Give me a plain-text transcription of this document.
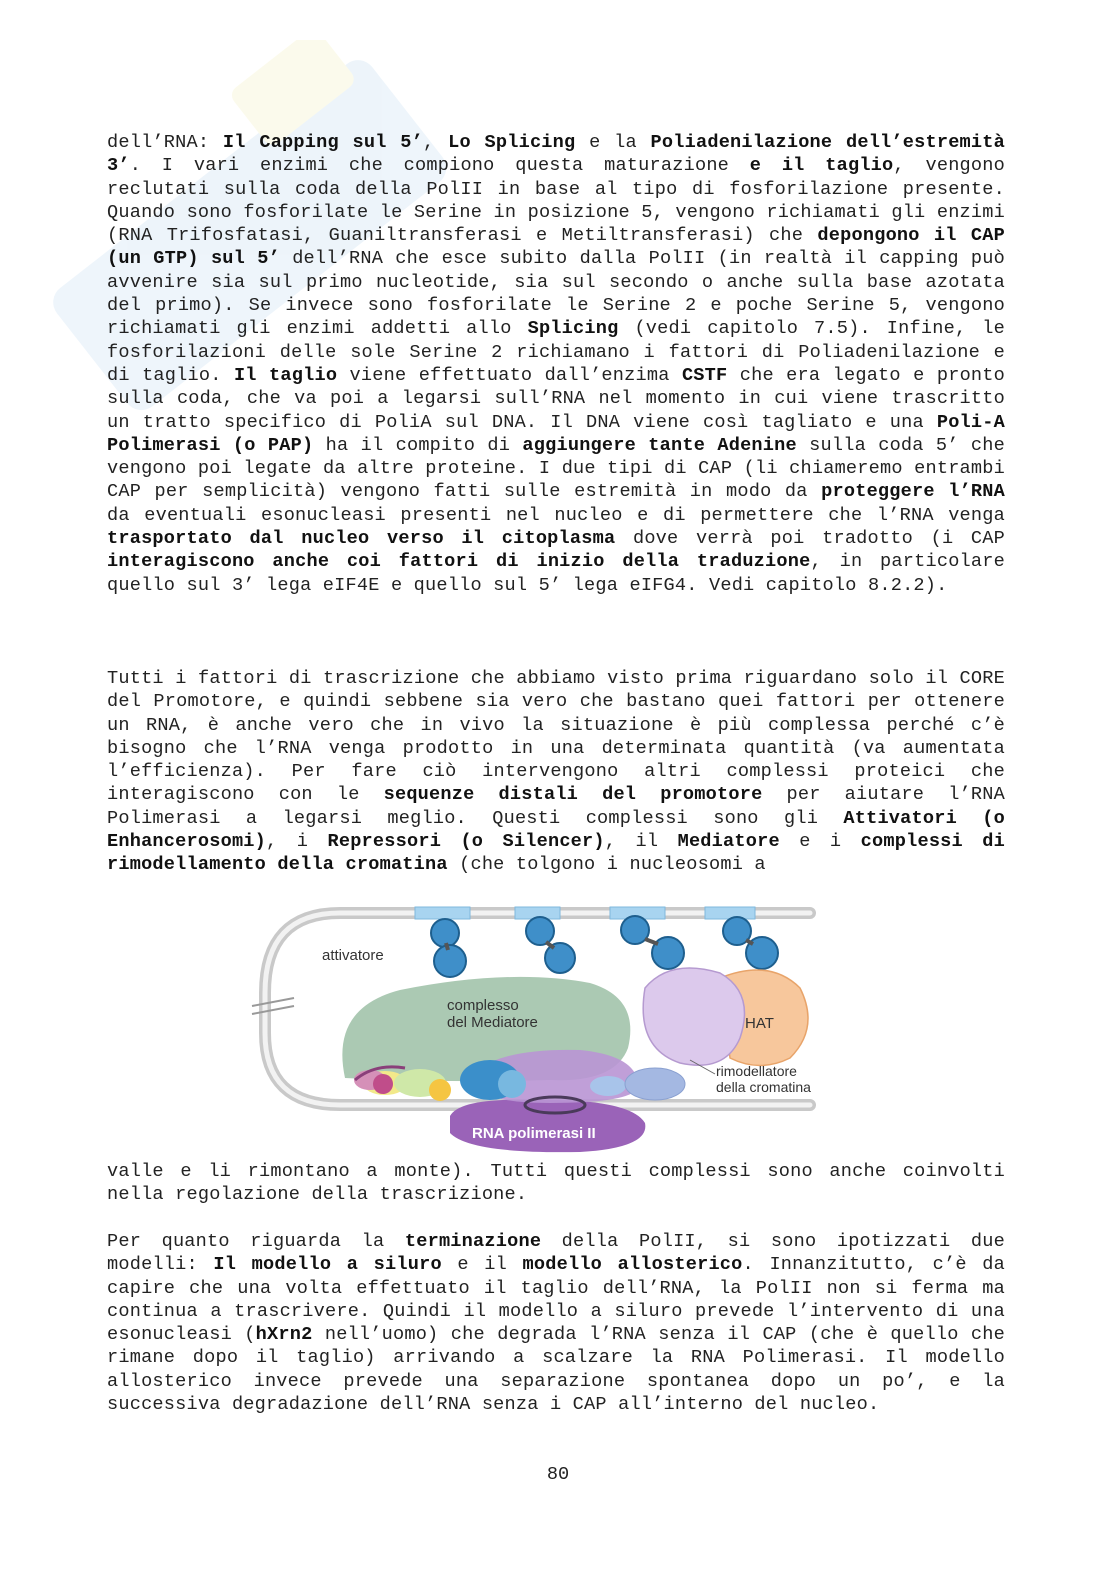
dell’RNA: Il Capping sul 5’, Lo Splicing e la Poliadenilazione dell’estremità 3’. I vari enzimi che compiono questa maturazione e il taglio, vengono reclutati sulla coda della PolII in base al tipo di fosforilazione presente. Quando sono fosforilate le Serine in posizione 5, vengono richiamati gli enzimi (RNA Trifosfatasi, Guaniltransferasi e Metiltransferasi) che depongono il CAP (un GTP) sul 5’ dell’RNA che esce subito dalla PolII (in realtà il capping può avvenire sia sul primo nucleotide, sia sul secondo o anche sulla base azotata del primo). Se invece sono fosforilate le Serine 2 e poche Serine 5, vengono richiamati gli enzimi addetti allo Splicing (vedi capitolo 7.5). Infine, le fosforilazioni delle sole Serine 2 richiamano i fattori di Poliadenilazione e di taglio. Il taglio viene effettuato dall’enzima CSTF che era legato e pronto sulla coda, che va poi a legarsi sull’RNA nel momento in cui viene trascritto un tratto specifico di PoliA sul DNA. Il DNA viene così tagliato e una Poli-A Polimerasi (o PAP) ha il compito di aggiungere tante Adenine sulla coda 5’ che vengono poi legate da altre proteine. I due tipi di CAP (li chiameremo entrambi CAP per semplicità) vengono fatti sulle estremità in modo da proteggere l’RNA da eventuali esonucleasi presenti nel nucleo e di permettere che l’RNA venga trasportato dal nucleo verso il citoplasma dove verrà poi tradotto (i CAP interagiscono anche coi fattori di inizio della traduzione, in particolare quello sul 3’ lega eIF4E e quello sul 5’ lega eIFG4. Vedi capitolo 8.2.2).
Tutti i fattori di trascrizione che abbiamo visto prima riguardano solo il CORE del Promotore, e quindi sebbene sia vero che bastano quei fattori per ottenere un RNA, è anche vero che in vivo la situazione è più complessa perché c’è bisogno che l’RNA venga prodotto in una determinata quantità (va aumentata l’efficienza). Per fare ciò intervengono altri complessi proteici che interagiscono con le sequenze distali del promotore per aiutare l’RNA Polimerasi a legarsi meglio. Questi complessi sono gli Attivatori (o Enhancerosomi), i Repressori (o Silencer), il Mediatore e i complessi di rimodellamento della cromatina (che tolgono i nucleosomi a
attivatore
complesso
del Mediatore	HAT
rimodellatore
della cromatina
RNA polimerasi II
valle e li rimontano a monte). Tutti questi complessi sono anche coinvolti nella regolazione della trascrizione.
Per quanto riguarda la terminazione della PolII, si sono ipotizzati due modelli: Il modello a siluro e il modello allosterico. Innanzitutto, c’è da capire che una volta effettuato il taglio dell’RNA, la PolII non si ferma ma continua a trascrivere. Quindi il modello a siluro prevede l’intervento di una esonucleasi (hXrn2 nell’uomo) che degrada l’RNA senza il CAP (che è quello che rimane dopo il taglio) arrivando a scalzare la RNA Polimerasi. Il modello allosterico invece prevede una separazione spontanea dopo un po’, e la successiva degradazione dell’RNA senza i CAP all’interno del nucleo.
80
